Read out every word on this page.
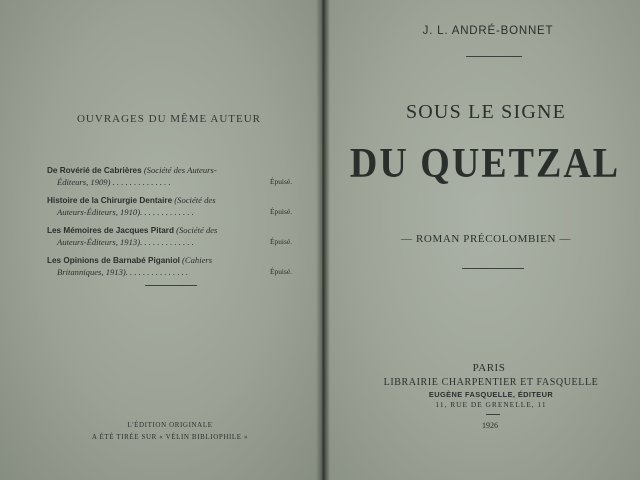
OUVRAGES DU MÊME AUTEUR
De Rovérié de Cabrières (Société des Auteurs-
Éditeurs, 1909) . . . . . . . . . . . . . .	Épuisé.
Histoire de la Chirurgie Dentaire (Société des
Auteurs-Éditeurs, 1910). . . . . . . . . . . . .	Épuisé.
Les Mémoires de Jacques Pitard (Société des
Auteurs-Éditeurs, 1913). . . . . . . . . . . . .	Épuisé.
Les Opinions de Barnabé Piganiol (Cahiers
Britanniques, 1913). . . . . . . . . . . . . . .	Épuisé.
L'ÉDITION ORIGINALE
A ÉTÉ TIRÉE SUR « VÉLIN BIBLIOPHILE »
J. L. ANDRÉ-BONNET
SOUS LE SIGNE
DU QUETZAL
— ROMAN PRÉCOLOMBIEN —
PARIS
LIBRAIRIE CHARPENTIER ET FASQUELLE
EUGÈNE FASQUELLE, ÉDITEUR
11, RUE DE GRENELLE, 11
1926
